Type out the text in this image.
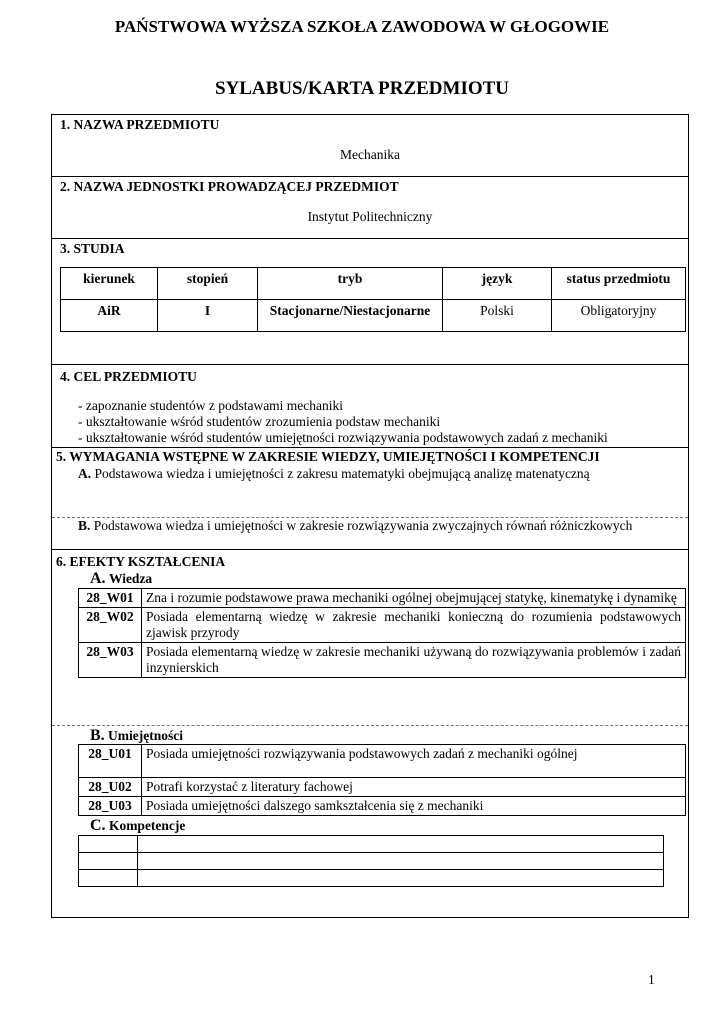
PAŃSTWOWA WYŻSZA SZKOŁA ZAWODOWA W GŁOGOWIE
SYLABUS/KARTA PRZEDMIOTU
1. NAZWA PRZEDMIOTU
Mechanika
2. NAZWA JEDNOSTKI PROWADZĄCEJ PRZEDMIOT
Instytut Politechniczny
3. STUDIA
kierunek	stopień	tryb	język	status przedmiotu
AiR	I	Stacjonarne/Niestacjonarne	Polski	Obligatoryjny
4. CEL PRZEDMIOTU
- zapoznanie studentów z podstawami mechaniki
- ukształtowanie wśród studentów zrozumienia podstaw mechaniki
- ukształtowanie wśród studentów umiejętności rozwiązywania podstawowych zadań z mechaniki
5. WYMAGANIA WSTĘPNE W ZAKRESIE WIEDZY, UMIEJĘTNOŚCI I KOMPETENCJI
A. Podstawowa wiedza i umiejętności z zakresu matematyki obejmującą analizę matenatyczną
B. Podstawowa wiedza i umiejętności w zakresie rozwiązywania zwyczajnych równań różniczkowych
6. EFEKTY KSZTAŁCENIA
A. Wiedza
28_W01	Zna i rozumie podstawowe prawa mechaniki ogólnej obejmującej statykę, kinematykę i dynamikę
28_W02	Posiada elementarną wiedzę w zakresie mechaniki konieczną do rozumienia podstawowych zjawisk przyrody
28_W03	Posiada elementarną wiedzę w zakresie mechaniki używaną do rozwiązywania problemów i zadań inzynierskich
B. Umiejętności
28_U01	Posiada umiejętności rozwiązywania podstawowych zadań z mechaniki ogólnej
28_U02	Potrafi korzystać z literatury fachowej
28_U03	Posiada umiejętności dalszego samkształcenia się z mechaniki
C. Kompetencje

1
